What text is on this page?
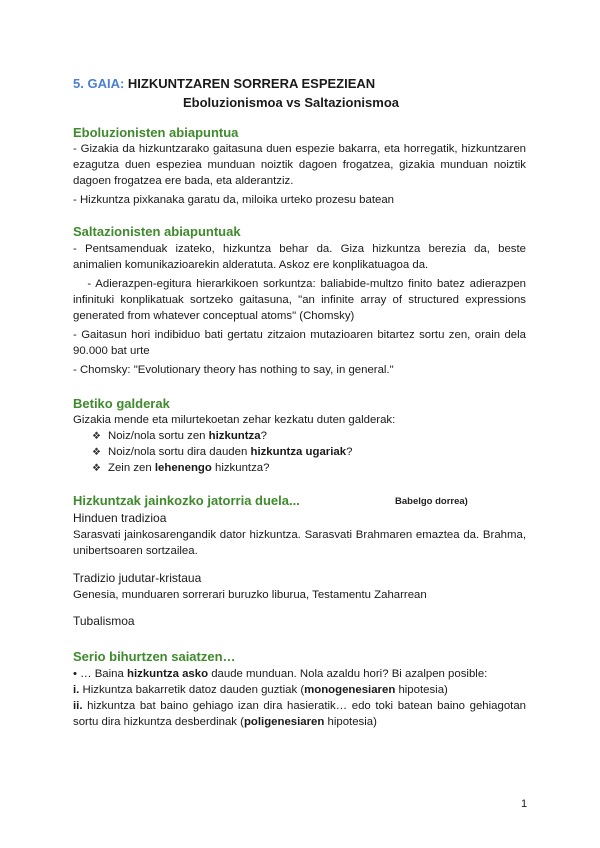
5. GAIA: HIZKUNTZAREN SORRERA ESPEZIEAN
Eboluzionismoa vs Saltazionismoa
Eboluzionisten abiapuntua
- Gizakia da hizkuntzarako gaitasuna duen espezie bakarra, eta horregatik, hizkuntzaren ezagutza duen espezieа munduan noiztik dagoen frogatzea, gizakia munduan noiztik dagoen frogatzea ere bada, eta alderantziz.
- Hizkuntza pixkanaka garatu da, miloika urteko prozesu batean
Saltazionisten abiapuntuak
- Pentsamenduak izateko, hizkuntza behar da. Giza hizkuntza berezia da, beste animalien komunikazioarekin alderatuta. Askoz ere konplikatuagoa da.
- Adierazpen-egitura hierarkikoen sorkuntza: baliabide-multzo finito batez adierazpen infinituki konplikatuak sortzeko gaitasuna, "an infinite array of structured expressions generated from whatever conceptual atoms" (Chomsky)
- Gaitasun hori indibiduo bati gertatu zitzaion mutazioaren bitartez sortu zen, orain dela 90.000 bat urte
- Chomsky: "Evolutionary theory has nothing to say, in general."
Betiko galderak
Gizakia mende eta milurtekoetan zehar kezkatu duten galderak:
❖ Noiz/nola sortu zen hizkuntza?
❖ Noiz/nola sortu dira dauden hizkuntza ugariak?
❖ Zein zen lehenengo hizkuntza?
Hizkuntzak jainkozko jatorria duela...	Babelgo dorrea)
Hinduen tradizioa
Sarasvati jainkosarengandik dator hizkuntza. Sarasvati Brahmaren emaztea da. Brahma, unibertsoaren sortzailea.
Tradizio judutar-kristaua
Genesia, munduaren sorrerari buruzko liburua, Testamentu Zaharrean
Tubalismoa
Serio bihurtzen saiatzen…
• … Baina hizkuntza asko daude munduan. Nola azaldu hori? Bi azalpen posible:
i. Hizkuntza bakarretik datoz dauden guztiak (monogenesiaren hipotesia)
ii. hizkuntza bat baino gehiago izan dira hasieratik… edo toki batean baino gehiagotan sortu dira hizkuntza desberdinak (poligenesiaren hipotesia)
1
